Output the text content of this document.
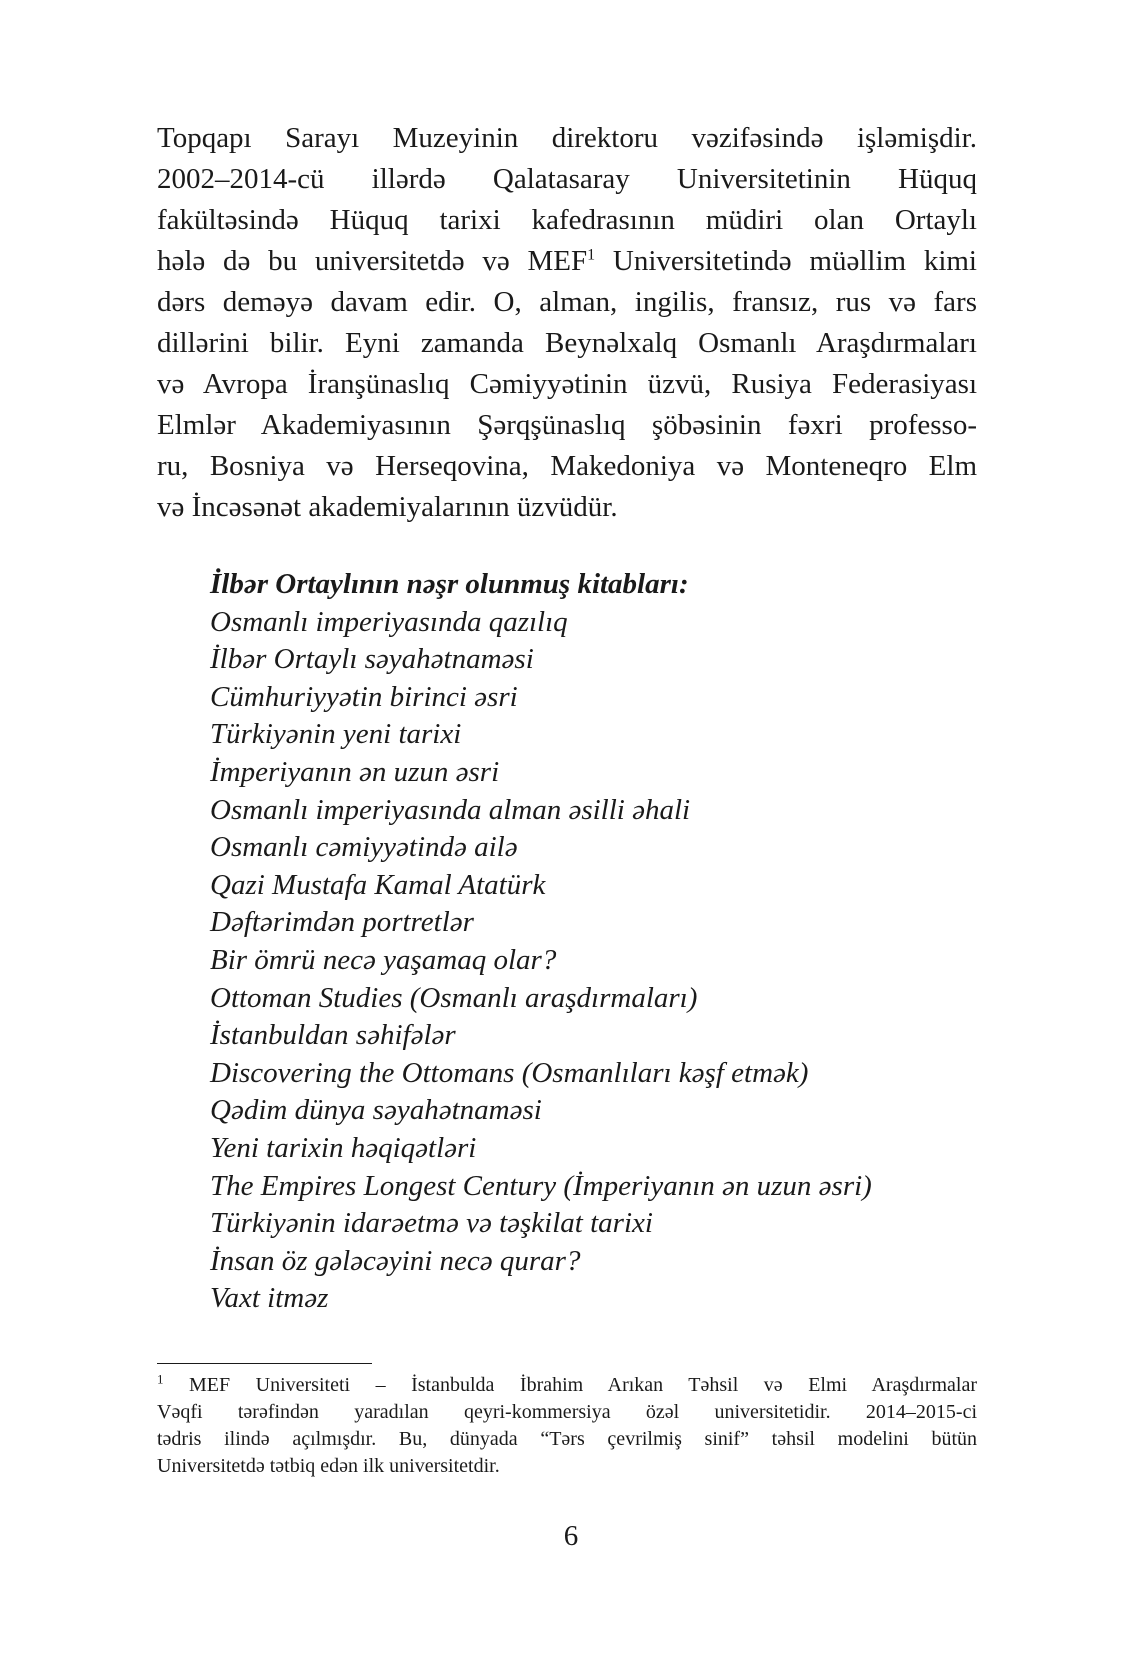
Topqapı Sarayı Muzeyinin direktoru vəzifəsində işləmişdir.
2002–2014-cü illərdə Qalatasaray Universitetinin Hüquq
fakültəsində Hüquq tarixi kafedrasının müdiri olan Ortaylı
hələ də bu universitetdə və MEF$^1$ Universitetində müəllim kimi
dərs deməyə davam edir. O, alman, ingilis, fransız, rus və fars
dillərini bilir. Eyni zamanda Beynəlxalq Osmanlı Araşdırmaları
və Avropa İranşünaslıq Cəmiyyətinin üzvü, Rusiya Federasiyası
Elmlər Akademiyasının Şərqşünaslıq şöbəsinin fəxri professo-
ru, Bosniya və Herseqovina, Makedoniya və Monteneqro Elm
və İncəsənət akademiyalarının üzvüdür.

İlbər Ortaylının nəşr olunmuş kitabları:
Osmanlı imperiyasında qazılıq
İlbər Ortaylı səyahətnaməsi
Cümhuriyyətin birinci əsri
Türkiyənin yeni tarixi
İmperiyanın ən uzun əsri
Osmanlı imperiyasında alman əsilli əhali
Osmanlı cəmiyyətində ailə
Qazi Mustafa Kamal Atatürk
Dəftərimdən portretlər
Bir ömrü necə yaşamaq olar?
Ottoman Studies (Osmanlı araşdırmaları)
İstanbuldan səhifələr
Discovering the Ottomans (Osmanlıları kəşf etmək)
Qədim dünya səyahətnaməsi
Yeni tarixin həqiqətləri
The Empires Longest Century (İmperiyanın ən uzun əsri)
Türkiyənin idarəetmə və təşkilat tarixi
İnsan öz gələcəyini necə qurar?
Vaxt itməz

$^1$ MEF Universiteti – İstanbulda İbrahim Arıkan Təhsil və Elmi Araşdırmalar
Vəqfi tərəfindən yaradılan qeyri-kommersiya özəl universitetidir. 2014–2015-ci
tədris ilində açılmışdır. Bu, dünyada “Tərs çevrilmiş sinif” təhsil modelini bütün
Universitetdə tətbiq edən ilk universitetdir.

6
